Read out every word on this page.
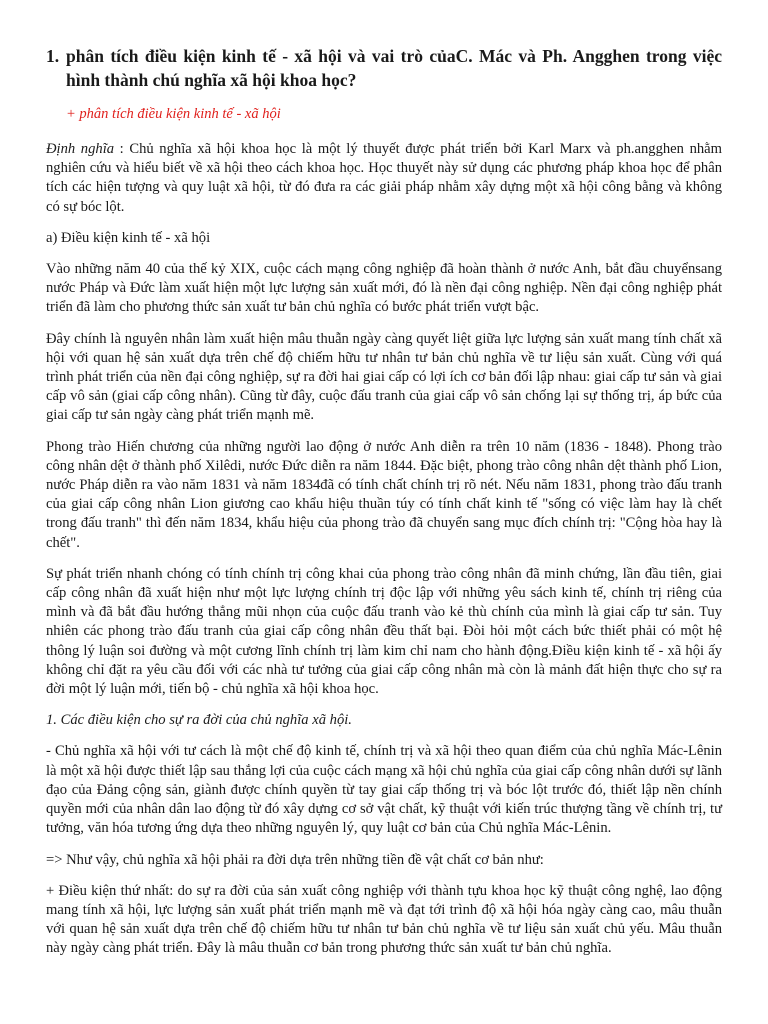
1. phân tích điều kiện kinh tế - xã hội và vai trò củaC. Mác và Ph. Angghen trong việc hình thành chú nghĩa xã hội khoa học?
+ phân tích điều kiện kinh tế - xã hội

Định nghĩa : Chủ nghĩa xã hội khoa học là một lý thuyết được phát triển bởi Karl Marx và ph.angghen nhằm nghiên cứu và hiểu biết về xã hội theo cách khoa học. Học thuyết này sử dụng các phương pháp khoa học để phân tích các hiện tượng và quy luật xã hội, từ đó đưa ra các giải pháp nhằm xây dựng một xã hội công bằng và không có sự bóc lột.

a) Điều kiện kinh tế - xã hội

Vào những năm 40 của thế kỷ XIX, cuộc cách mạng công nghiệp đã hoàn thành ở nước Anh, bắt đầu chuyểnsang nước Pháp và Đức làm xuất hiện một lực lượng sản xuất mới, đó là nền đại công nghiệp. Nền đại công nghiệp phát triển đã làm cho phương thức sản xuất tư bản chủ nghĩa có bước phát triển vượt bậc.

Đây chính là nguyên nhân làm xuất hiện mâu thuẫn ngày càng quyết liệt giữa lực lượng sản xuất mang tính chất xã hội với quan hệ sản xuất dựa trên chế độ chiếm hữu tư nhân tư bản chủ nghĩa về tư liệu sản xuất. Cùng với quá trình phát triển của nền đại công nghiệp, sự ra đời hai giai cấp có lợi ích cơ bản đối lập nhau: giai cấp tư sản và giai cấp vô sản (giai cấp công nhân). Cũng từ đây, cuộc đấu tranh của giai cấp vô sản chống lại sự thống trị, áp bức của giai cấp tư sản ngày càng phát triển mạnh mẽ.

Phong trào Hiến chương của những người lao động ở nước Anh diễn ra trên 10 năm (1836 - 1848). Phong trào công nhân dệt ở thành phố Xilêdi, nước Đức diễn ra năm 1844. Đặc biệt, phong trào công nhân dệt thành phố Lion, nước Pháp diễn ra vào năm 1831 và năm 1834đã có tính chất chính trị rõ nét. Nếu năm 1831, phong trào đấu tranh của giai cấp công nhân Lion giương cao khẩu hiệu thuần túy có tính chất kinh tế "sống có việc làm hay là chết trong đấu tranh" thì đến năm 1834, khẩu hiệu của phong trào đã chuyển sang mục đích chính trị: "Cộng hòa hay là chết".

Sự phát triển nhanh chóng có tính chính trị công khai của phong trào công nhân đã minh chứng, lần đầu tiên, giai cấp công nhân đã xuất hiện như một lực lượng chính trị độc lập với những yêu sách kinh tế, chính trị riêng của mình và đã bắt đầu hướng thẳng mũi nhọn của cuộc đấu tranh vào kẻ thù chính của mình là giai cấp tư sản. Tuy nhiên các phong trào đấu tranh của giai cấp công nhân đều thất bại. Đòi hỏi một cách bức thiết phải có một hệ thông lý luận soi đường và một cương lĩnh chính trị làm kim chỉ nam cho hành động.Điều kiện kinh tế - xã hội ấy không chỉ đặt ra yêu cầu đối với các nhà tư tưởng của giai cấp công nhân mà còn là mảnh đất hiện thực cho sự ra đời một lý luận mới, tiến bộ - chủ nghĩa xã hội khoa học.

1. Các điều kiện cho sự ra đời của chủ nghĩa xã hội.

- Chủ nghĩa xã hội với tư cách là một chế độ kinh tế, chính trị và xã hội theo quan điểm của chủ nghĩa Mác-Lênin là một xã hội được thiết lập sau thắng lợi của cuộc cách mạng xã hội chủ nghĩa của giai cấp công nhân dưới sự lãnh đạo của Đảng cộng sản, giành được chính quyền từ tay giai cấp thống trị và bóc lột trước đó, thiết lập nền chính quyền mới của nhân dân lao động từ đó xây dựng cơ sở vật chất, kỹ thuật với kiến trúc thượng tầng về chính trị, tư tưởng, văn hóa tương ứng dựa theo những nguyên lý, quy luật cơ bản của Chủ nghĩa Mác-Lênin.

=> Như vậy, chủ nghĩa xã hội phải ra đời dựa trên những tiền đề vật chất cơ bản như:

+ Điều kiện thứ nhất: do sự ra đời của sản xuất công nghiệp với thành tựu khoa học kỹ thuật công nghệ, lao động mang tính xã hội, lực lượng sản xuất phát triển mạnh mẽ và đạt tới trình độ xã hội hóa ngày càng cao, mâu thuẫn với quan hệ sản xuất dựa trên chế độ chiếm hữu tư nhân tư bản chủ nghĩa về tư liệu sản xuất chủ yếu. Mâu thuẫn này ngày càng phát triển. Đây là mâu thuẫn cơ bản trong phương thức sản xuất tư bản chủ nghĩa.
